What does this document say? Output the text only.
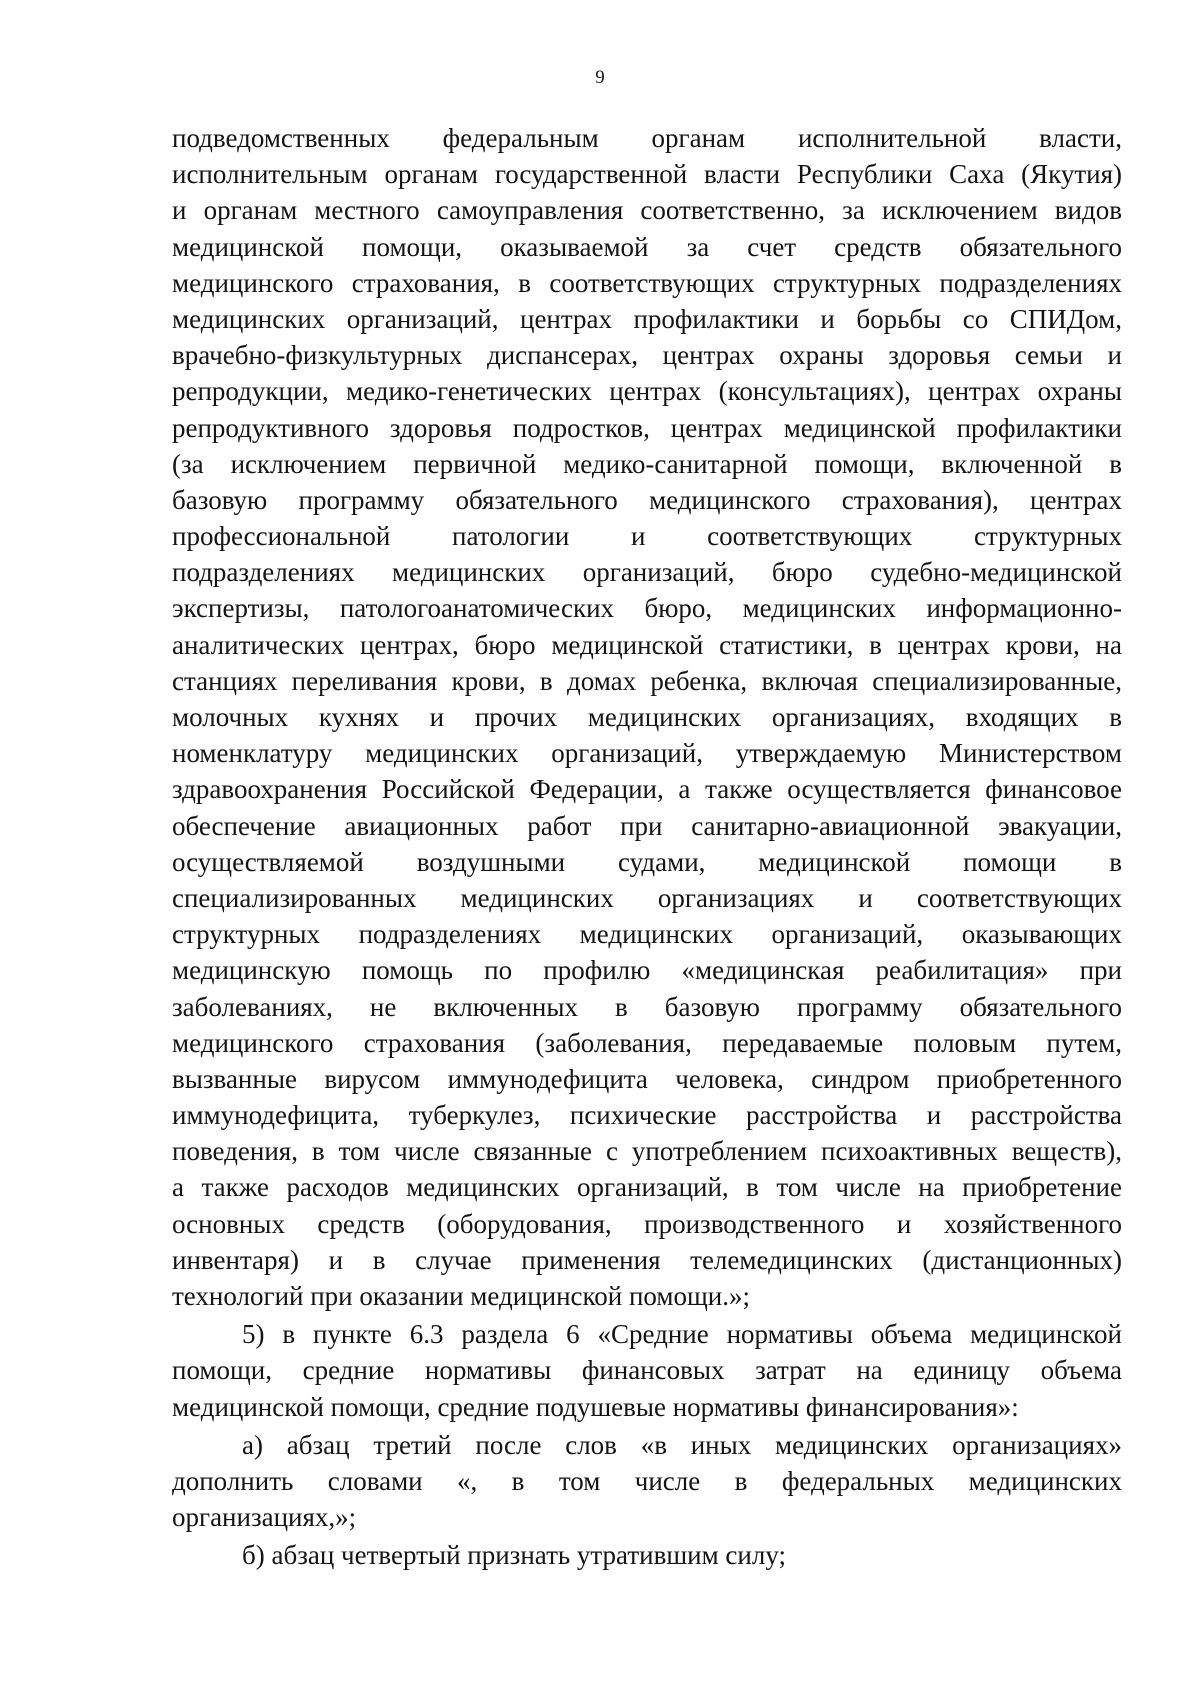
9
подведомственных федеральным органам исполнительной власти,
исполнительным органам государственной власти Республики Саха (Якутия)
и органам местного самоуправления соответственно, за исключением видов
медицинской помощи, оказываемой за счет средств обязательного
медицинского страхования, в соответствующих структурных подразделениях
медицинских организаций, центрах профилактики и борьбы со СПИДом,
врачебно-физкультурных диспансерах, центрах охраны здоровья семьи и
репродукции, медико-генетических центрах (консультациях), центрах охраны
репродуктивного здоровья подростков, центрах медицинской профилактики
(за исключением первичной медико-санитарной помощи, включенной в
базовую программу обязательного медицинского страхования), центрах
профессиональной патологии и соответствующих структурных
подразделениях медицинских организаций, бюро судебно-медицинской
экспертизы, патологоанатомических бюро, медицинских информационно-
аналитических центрах, бюро медицинской статистики, в центрах крови, на
станциях переливания крови, в домах ребенка, включая специализированные,
молочных кухнях и прочих медицинских организациях, входящих в
номенклатуру медицинских организаций, утверждаемую Министерством
здравоохранения Российской Федерации, а также осуществляется финансовое
обеспечение авиационных работ при санитарно-авиационной эвакуации,
осуществляемой воздушными судами, медицинской помощи в
специализированных медицинских организациях и соответствующих
структурных подразделениях медицинских организаций, оказывающих
медицинскую помощь по профилю «медицинская реабилитация» при
заболеваниях, не включенных в базовую программу обязательного
медицинского страхования (заболевания, передаваемые половым путем,
вызванные вирусом иммунодефицита человека, синдром приобретенного
иммунодефицита, туберкулез, психические расстройства и расстройства
поведения, в том числе связанные с употреблением психоактивных веществ),
а также расходов медицинских организаций, в том числе на приобретение
основных средств (оборудования, производственного и хозяйственного
инвентаря) и в случае применения телемедицинских (дистанционных)
технологий при оказании медицинской помощи.»;
5) в пункте 6.3 раздела 6 «Средние нормативы объема медицинской
помощи, средние нормативы финансовых затрат на единицу объема
медицинской помощи, средние подушевые нормативы финансирования»:
а) абзац третий после слов «в иных медицинских организациях»
дополнить словами «, в том числе в федеральных медицинских
организациях,»;
б) абзац четвертый признать утратившим силу;
